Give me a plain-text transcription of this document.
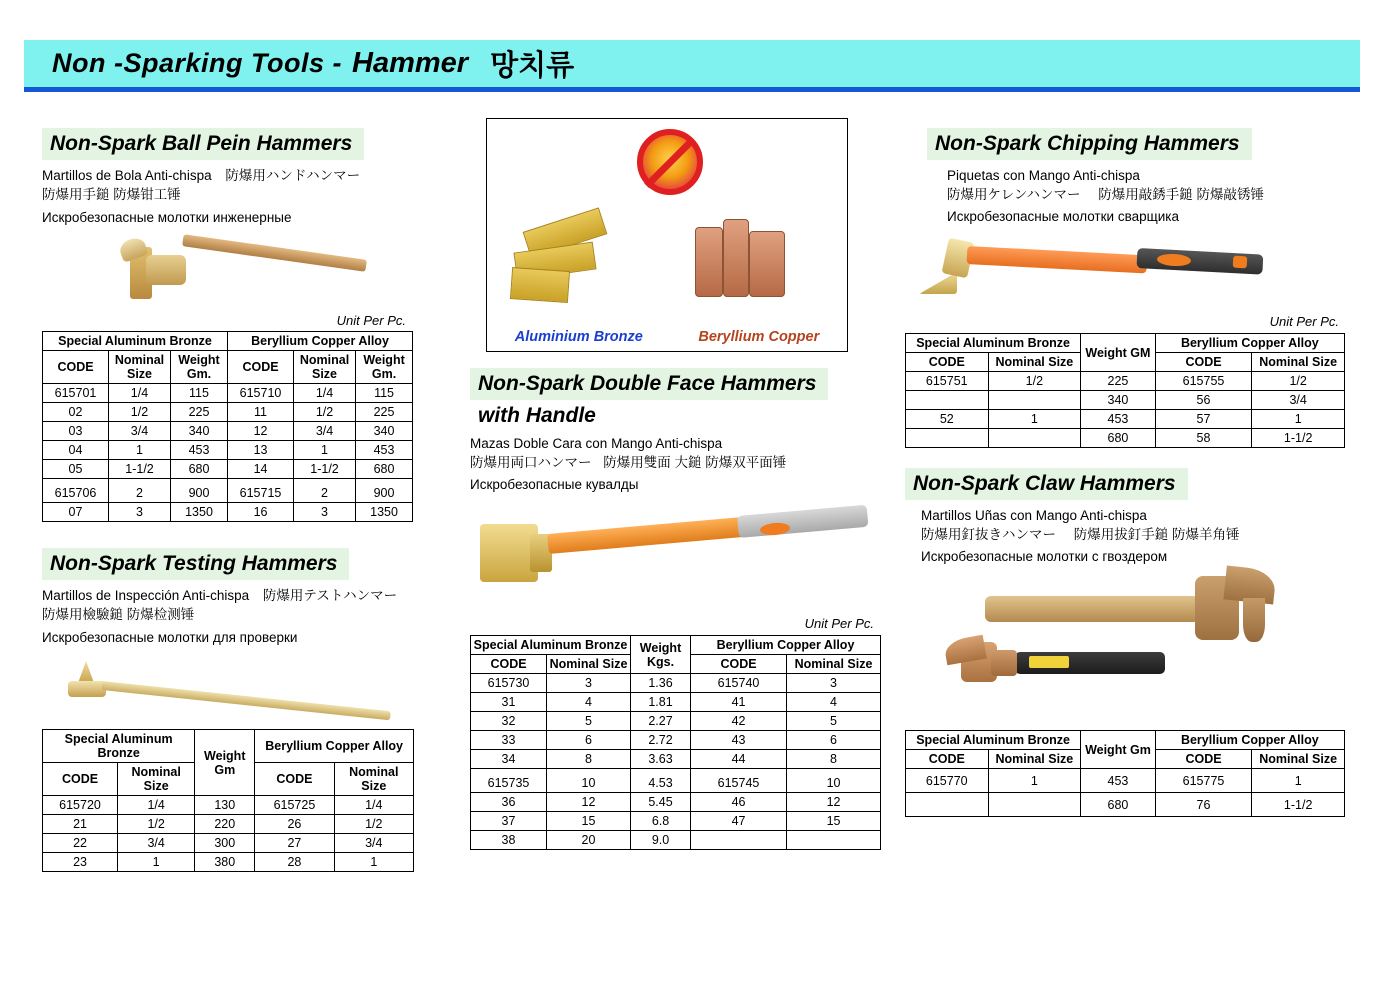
Non -Sparking Tools - Hammer 망치류
Aluminium Bronze	Beryllium Copper
Non-Spark Ball Pein Hammers
Martillos de Bola Anti-chispa 防爆用ハンドハンマー
防爆用手鎚 防爆钳工锤
Искробезопасные молотки инженерные
Unit Per Pc.
Special Aluminum Bronze			Beryllium Copper Alloy		
CODE	Nominal Size	Weight Gm.	CODE	Nominal Size	Weight Gm.
615701	1/4	115	615710	1/4	115
02	1/2	225	11	1/2	225
03	3/4	340	12	3/4	340
04	1	453	13	1	453
05	1-1/2	680	14	1-1/2	680
615706	2	900	615715	2	900
07	3	1350	16	3	1350
Non-Spark Testing Hammers
Martillos de Inspección Anti-chispa 防爆用テストハンマー
防爆用檢驗鎚 防爆检测锤
Искробезопасные молотки для проверки
Special Aluminum Bronze		Weight Gm	Beryllium Copper Alloy	
CODE	Nominal Size		CODE	Nominal Size
615720	1/4	130	615725	1/4
21	1/2	220	26	1/2
22	3/4	300	27	3/4
23	1	380	28	1
Non-Spark Double Face Hammers
with Handle
Mazas Doble Cara con Mango Anti-chispa
防爆用両口ハンマー 防爆用雙面 大鎚 防爆双平面锤
Искробезопасные кувалды
Unit Per Pc.
Special Aluminum Bronze		Weight Kgs.	Beryllium Copper Alloy	
CODE	Nominal Size		CODE	Nominal Size
615730	3	1.36	615740	3
31	4	1.81	41	4
32	5	2.27	42	5
33	6	2.72	43	6
34	8	3.63	44	8
615735	10	4.53	615745	10
36	12	5.45	46	12
37	15	6.8	47	15
38	20	9.0		
Non-Spark Chipping Hammers
Piquetas con Mango Anti-chispa
防爆用ケレンハンマー 防爆用敲銹手鎚 防爆敲锈锤
Искробезопасные молотки сварщика
Unit Per Pc.
Special Aluminum Bronze		Weight GM	Beryllium Copper Alloy	
CODE	Nominal Size		CODE	Nominal Size
615751	1/2	225	615755	1/2
		340	56	3/4
52	1	453	57	1
		680	58	1-1/2
Non-Spark Claw Hammers
Martillos Uñas con Mango Anti-chispa
防爆用釘抜きハンマー 防爆用拔釘手鎚 防爆羊角锤
Искробезопасные молотки с гвоздером
Special Aluminum Bronze		Weight Gm	Beryllium Copper Alloy	
CODE	Nominal Size		CODE	Nominal Size
615770	1	453	615775	1
		680	76	1-1/2
